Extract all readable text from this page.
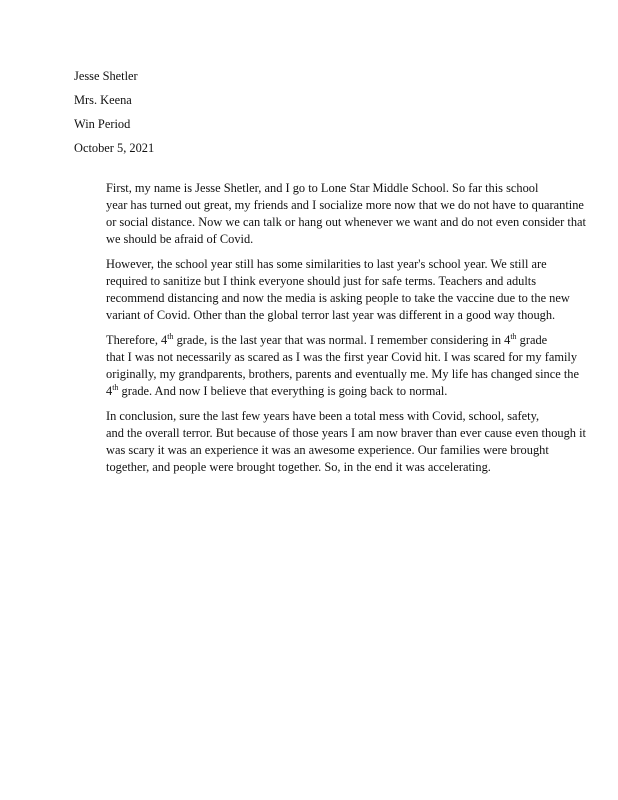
Jesse Shetler
Mrs. Keena
Win Period
October 5, 2021

First, my name is Jesse Shetler, and I go to Lone Star Middle School. So far this school
year has turned out great, my friends and I socialize more now that we do not have to quarantine
or social distance. Now we can talk or hang out whenever we want and do not even consider that
we should be afraid of Covid.

However, the school year still has some similarities to last year's school year. We still are
required to sanitize but I think everyone should just for safe terms. Teachers and adults
recommend distancing and now the media is asking people to take the vaccine due to the new
variant of Covid. Other than the global terror last year was different in a good way though.

Therefore, 4th grade, is the last year that was normal. I remember considering in 4th grade
that I was not necessarily as scared as I was the first year Covid hit. I was scared for my family
originally, my grandparents, brothers, parents and eventually me. My life has changed since the
4th grade. And now I believe that everything is going back to normal.

In conclusion, sure the last few years have been a total mess with Covid, school, safety,
and the overall terror. But because of those years I am now braver than ever cause even though it
was scary it was an experience it was an awesome experience. Our families were brought
together, and people were brought together. So, in the end it was accelerating.
